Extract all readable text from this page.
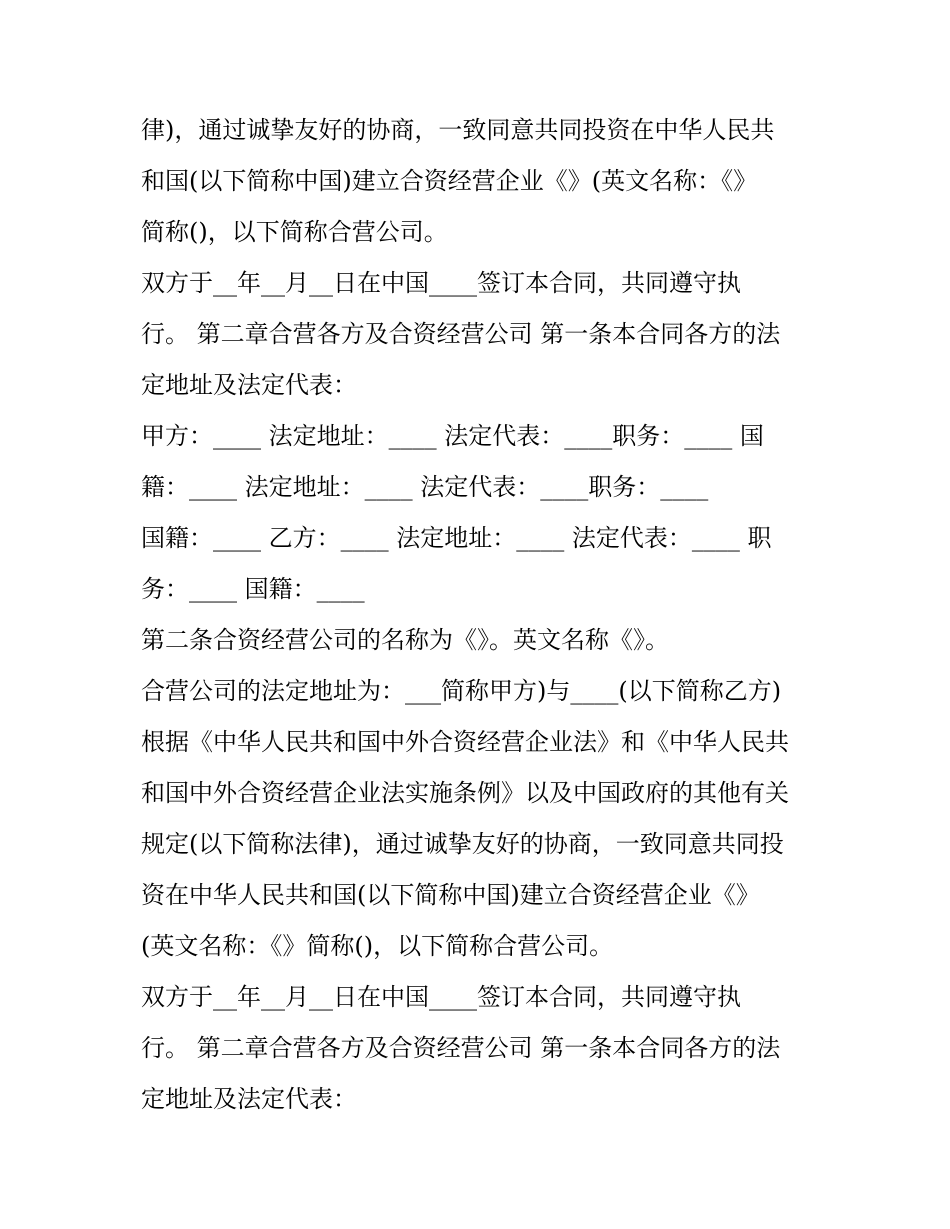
律)，通过诚挚友好的协商，一致同意共同投资在中华人民共

和国(以下简称中国)建立合资经营企业《》(英文名称：《》

简称()，以下简称合营公司。

双方于__年__月__日在中国____签订本合同，共同遵守执

行。 第二章合营各方及合资经营公司 第一条本合同各方的法

定地址及法定代表：

甲方：____ 法定地址：____ 法定代表：____职务：____ 国

籍：____ 法定地址：____ 法定代表：____职务：____

国籍：____ 乙方：____ 法定地址：____ 法定代表：____ 职

务：____ 国籍：____

第二条合资经营公司的名称为《》。英文名称《》。

合营公司的法定地址为：___简称甲方)与____(以下简称乙方)

根据《中华人民共和国中外合资经营企业法》和《中华人民共

和国中外合资经营企业法实施条例》以及中国政府的其他有关

规定(以下简称法律)，通过诚挚友好的协商，一致同意共同投

资在中华人民共和国(以下简称中国)建立合资经营企业《》

(英文名称：《》简称()，以下简称合营公司。

双方于__年__月__日在中国____签订本合同，共同遵守执

行。 第二章合营各方及合资经营公司 第一条本合同各方的法

定地址及法定代表：
